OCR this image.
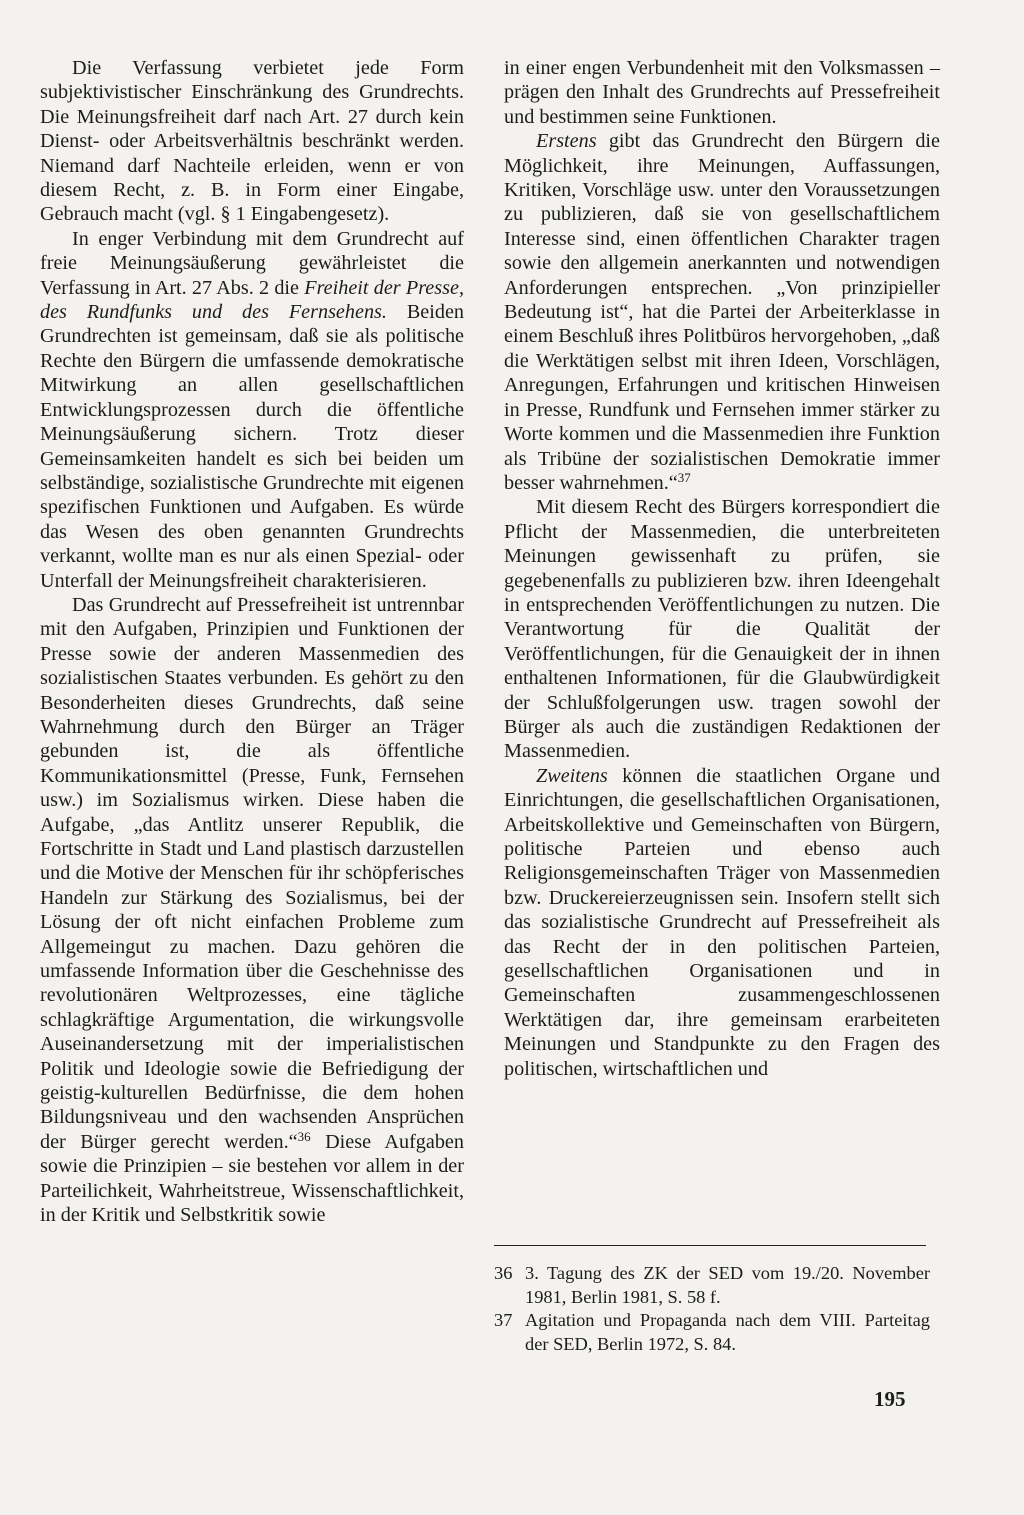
Die Verfassung verbietet jede Form subjektivistischer Einschränkung des Grundrechts. Die Meinungsfreiheit darf nach Art. 27 durch kein Dienst- oder Arbeitsverhältnis beschränkt werden. Niemand darf Nachteile erleiden, wenn er von diesem Recht, z. B. in Form einer Eingabe, Gebrauch macht (vgl. § 1 Eingabengesetz).

In enger Verbindung mit dem Grundrecht auf freie Meinungsäußerung gewährleistet die Verfassung in Art. 27 Abs. 2 die Freiheit der Presse, des Rundfunks und des Fernsehens. Beiden Grundrechten ist gemeinsam, daß sie als politische Rechte den Bürgern die umfassende demokratische Mitwirkung an allen gesellschaftlichen Entwicklungsprozessen durch die öffentliche Meinungsäußerung sichern. Trotz dieser Gemeinsamkeiten handelt es sich bei beiden um selbständige, sozialistische Grundrechte mit eigenen spezifischen Funktionen und Aufgaben. Es würde das Wesen des oben genannten Grundrechts verkannt, wollte man es nur als einen Spezial- oder Unterfall der Meinungsfreiheit charakterisieren.

Das Grundrecht auf Pressefreiheit ist untrennbar mit den Aufgaben, Prinzipien und Funktionen der Presse sowie der anderen Massenmedien des sozialistischen Staates verbunden. Es gehört zu den Besonderheiten dieses Grundrechts, daß seine Wahrnehmung durch den Bürger an Träger gebunden ist, die als öffentliche Kommunikationsmittel (Presse, Funk, Fernsehen usw.) im Sozialismus wirken. Diese haben die Aufgabe, „das Antlitz unserer Republik, die Fortschritte in Stadt und Land plastisch darzustellen und die Motive der Menschen für ihr schöpferisches Handeln zur Stärkung des Sozialismus, bei der Lösung der oft nicht einfachen Probleme zum Allgemeingut zu machen. Dazu gehören die umfassende Information über die Geschehnisse des revolutionären Weltprozesses, eine tägliche schlagkräftige Argumentation, die wirkungsvolle Auseinandersetzung mit der imperialistischen Politik und Ideologie sowie die Befriedigung der geistig-kulturellen Bedürfnisse, die dem hohen Bildungsniveau und den wachsenden Ansprüchen der Bürger gerecht werden.“$^{36}$ Diese Aufgaben sowie die Prinzipien – sie bestehen vor allem in der Parteilichkeit, Wahrheitstreue, Wissenschaftlichkeit, in der Kritik und Selbstkritik sowie

in einer engen Verbundenheit mit den Volksmassen – prägen den Inhalt des Grundrechts auf Pressefreiheit und bestimmen seine Funktionen.

Erstens gibt das Grundrecht den Bürgern die Möglichkeit, ihre Meinungen, Auffassungen, Kritiken, Vorschläge usw. unter den Voraussetzungen zu publizieren, daß sie von gesellschaftlichem Interesse sind, einen öffentlichen Charakter tragen sowie den allgemein anerkannten und notwendigen Anforderungen entsprechen. „Von prinzipieller Bedeutung ist“, hat die Partei der Arbeiterklasse in einem Beschluß ihres Politbüros hervorgehoben, „daß die Werktätigen selbst mit ihren Ideen, Vorschlägen, Anregungen, Erfahrungen und kritischen Hinweisen in Presse, Rundfunk und Fernsehen immer stärker zu Worte kommen und die Massenmedien ihre Funktion als Tribüne der sozialistischen Demokratie immer besser wahrnehmen.“$^{37}$

Mit diesem Recht des Bürgers korrespondiert die Pflicht der Massenmedien, die unterbreiteten Meinungen gewissenhaft zu prüfen, sie gegebenenfalls zu publizieren bzw. ihren Ideengehalt in entsprechenden Veröffentlichungen zu nutzen. Die Verantwortung für die Qualität der Veröffentlichungen, für die Genauigkeit der in ihnen enthaltenen Informationen, für die Glaubwürdigkeit der Schlußfolgerungen usw. tragen sowohl der Bürger als auch die zuständigen Redaktionen der Massenmedien.

Zweitens können die staatlichen Organe und Einrichtungen, die gesellschaftlichen Organisationen, Arbeitskollektive und Gemeinschaften von Bürgern, politische Parteien und ebenso auch Religionsgemeinschaften Träger von Massenmedien bzw. Druckereierzeugnissen sein. Insofern stellt sich das sozialistische Grundrecht auf Pressefreiheit als das Recht der in den politischen Parteien, gesellschaftlichen Organisationen und in Gemeinschaften zusammengeschlossenen Werktätigen dar, ihre gemeinsam erarbeiteten Meinungen und Standpunkte zu den Fragen des politischen, wirtschaftlichen und

36 3. Tagung des ZK der SED vom 19./20. November 1981, Berlin 1981, S. 58 f.
37 Agitation und Propaganda nach dem VIII. Parteitag der SED, Berlin 1972, S. 84.
195
